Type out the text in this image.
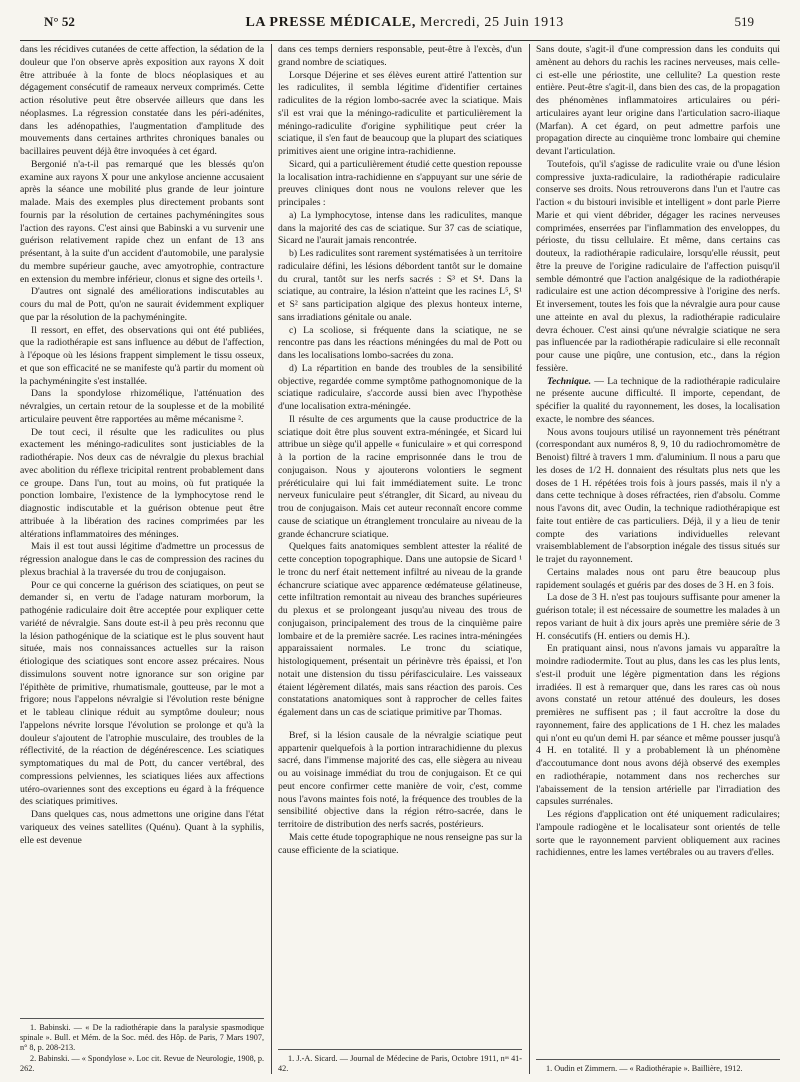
N° 52	LA PRESSE MÉDICALE, Mercredi, 25 Juin 1913	519

dans les récidives cutanées de cette affection, la sédation de la douleur que l'on observe après exposition aux rayons X doit être attribuée à la fonte de blocs néoplasiques et au dégagement consécutif de rameaux nerveux comprimés. Cette action résolutive peut être observée ailleurs que dans les néoplasmes. La régression constatée dans les péri-adénites, dans les adénopathies, l'augmentation d'amplitude des mouvements dans certaines arthrites chroniques banales ou bacillaires peuvent déjà être invoquées à cet égard.

Bergonié n'a-t-il pas remarqué que les blessés qu'on examine aux rayons X pour une ankylose ancienne accusaient après la séance une mobilité plus grande de leur jointure malade. Mais des exemples plus directement probants sont fournis par la résolution de certaines pachyméningites sous l'action des rayons. C'est ainsi que Babinski a vu survenir une guérison relativement rapide chez un enfant de 13 ans présentant, à la suite d'un accident d'automobile, une paralysie du membre supérieur gauche, avec amyotrophie, contracture en extension du membre inférieur, clonus et signe des orteils ¹.

D'autres ont signalé des améliorations indiscutables au cours du mal de Pott, qu'on ne saurait évidemment expliquer que par la résolution de la pachyméningite.

Il ressort, en effet, des observations qui ont été publiées, que la radiothérapie est sans influence au début de l'affection, à l'époque où les lésions frappent simplement le tissu osseux, et que son efficacité ne se manifeste qu'à partir du moment où la pachyméningite s'est installée.

Dans la spondylose rhizomélique, l'atténuation des névralgies, un certain retour de la souplesse et de la mobilité articulaire peuvent être rapportées au même mécanisme ².

De tout ceci, il résulte que les radiculites ou plus exactement les méningo-radiculites sont justiciables de la radiothérapie. Nos deux cas de névralgie du plexus brachial avec abolition du réflexe tricipital rentrent probablement dans ce groupe. Dans l'un, tout au moins, où fut pratiquée la ponction lombaire, l'existence de la lymphocytose rend le diagnostic indiscutable et la guérison obtenue peut être attribuée à la libération des racines comprimées par les altérations inflammatoires des méninges.

Mais il est tout aussi légitime d'admettre un processus de régression analogue dans le cas de compression des racines du plexus brachial à la traversée du trou de conjugaison.

Pour ce qui concerne la guérison des sciatiques, on peut se demander si, en vertu de l'adage naturam morborum, la pathogénie radiculaire doit être acceptée pour expliquer cette variété de névralgie. Sans doute est-il à peu près reconnu que la lésion pathogénique de la sciatique est le plus souvent haut située, mais nos connaissances actuelles sur la raison étiologique des sciatiques sont encore assez précaires. Nous dissimulons souvent notre ignorance sur son origine par l'épithète de primitive, rhumatismale, goutteuse, par le mot a frigore; nous l'appelons névralgie si l'évolution reste bénigne et le tableau clinique réduit au symptôme douleur; nous l'appelons névrite lorsque l'évolution se prolonge et qu'à la douleur s'ajoutent de l'atrophie musculaire, des troubles de la réflectivité, de la réaction de dégénérescence. Les sciatiques symptomatiques du mal de Pott, du cancer vertébral, des compressions pelviennes, les sciatiques liées aux affections utéro-ovariennes sont des exceptions eu égard à la fréquence des sciatiques primitives.

Dans quelques cas, nous admettons une origine dans l'état variqueux des veines satellites (Quénu). Quant à la syphilis, elle est devenue

1. Babinski. — « De la radiothérapie dans la paralysie spasmodique spinale ». Bull. et Mém. de la Soc. méd. des Hôp. de Paris, 7 Mars 1907, n° 8, p. 208-213.

2. Babinski. — « Spondylose ». Loc cit. Revue de Neurologie, 1908, p. 262.

dans ces temps derniers responsable, peut-être à l'excès, d'un grand nombre de sciatiques.

Lorsque Déjerine et ses élèves eurent attiré l'attention sur les radiculites, il sembla légitime d'identifier certaines radiculites de la région lombo-sacrée avec la sciatique. Mais s'il est vrai que la méningo-radiculite et particulièrement la méningo-radiculite d'origine syphilitique peut créer la sciatique, il s'en faut de beaucoup que la plupart des sciatiques primitives aient une origine intra-rachidienne.

Sicard, qui a particulièrement étudié cette question repousse la localisation intra-rachidienne en s'appuyant sur une série de preuves cliniques dont nous ne voulons relever que les principales :

a) La lymphocytose, intense dans les radiculites, manque dans la majorité des cas de sciatique. Sur 37 cas de sciatique, Sicard ne l'aurait jamais rencontrée.

b) Les radiculites sont rarement systématisées à un territoire radiculaire défini, les lésions débordent tantôt sur le domaine du crural, tantôt sur les nerfs sacrés : S³ et S⁴. Dans la sciatique, au contraire, la lésion n'atteint que les racines L⁵, S¹ et S² sans participation algique des plexus honteux interne, sans irradiations génitale ou anale.

c) La scoliose, si fréquente dans la sciatique, ne se rencontre pas dans les réactions méningées du mal de Pott ou dans les localisations lombo-sacrées du zona.

d) La répartition en bande des troubles de la sensibilité objective, regardée comme symptôme pathognomonique de la sciatique radiculaire, s'accorde aussi bien avec l'hypothèse d'une localisation extra-méningée.

Il résulte de ces arguments que la cause productrice de la sciatique doit être plus souvent extra-méningée, et Sicard lui attribue un siège qu'il appelle « funiculaire » et qui correspond à la portion de la racine emprisonnée dans le trou de conjugaison. Nous y ajouterons volontiers le segment préréticulaire qui lui fait immédiatement suite. Le tronc nerveux funiculaire peut s'étrangler, dit Sicard, au niveau du trou de conjugaison. Mais cet auteur reconnaît encore comme cause de sciatique un étranglement tronculaire au niveau de la grande échancrure sciatique.

Quelques faits anatomiques semblent attester la réalité de cette conception topographique. Dans une autopsie de Sicard ¹ le tronc du nerf était nettement infiltré au niveau de la grande échancrure sciatique avec apparence œdémateuse gélatineuse, cette infiltration remontait au niveau des branches supérieures du plexus et se prolongeant jusqu'au niveau des trous de conjugaison, principalement des trous de la cinquième paire lombaire et de la première sacrée. Les racines intra-méningées apparaissaient normales. Le tronc du sciatique, histologiquement, présentait un périnèvre très épaissi, et l'on notait une distension du tissu périfasciculaire. Les vaisseaux étaient légèrement dilatés, mais sans réaction des parois. Ces constatations anatomiques sont à rapprocher de celles faites également dans un cas de sciatique primitive par Thomas.

Bref, si la lésion causale de la névralgie sciatique peut appartenir quelquefois à la portion intrarachidienne du plexus sacré, dans l'immense majorité des cas, elle siègera au niveau ou au voisinage immédiat du trou de conjugaison. Et ce qui peut encore confirmer cette manière de voir, c'est, comme nous l'avons maintes fois noté, la fréquence des troubles de la sensibilité objective dans la région rétro-sacrée, dans le territoire de distribution des nerfs sacrés, postérieurs.

Mais cette étude topographique ne nous renseigne pas sur la cause efficiente de la sciatique.

1. J.-A. Sicard. — Journal de Médecine de Paris, Octobre 1911, nᵒˢ 41-42.

Sans doute, s'agit-il d'une compression dans les conduits qui amènent au dehors du rachis les racines nerveuses, mais celle-ci est-elle une périostite, une cellulite? La question reste entière. Peut-être s'agit-il, dans bien des cas, de la propagation des phénomènes inflammatoires articulaires ou péri-articulaires ayant leur origine dans l'articulation sacro-iliaque (Marfan). A cet égard, on peut admettre parfois une propagation directe au cinquième tronc lombaire qui chemine devant l'articulation.

Toutefois, qu'il s'agisse de radiculite vraie ou d'une lésion compressive juxta-radiculaire, la radiothérapie radiculaire conserve ses droits. Nous retrouverons dans l'un et l'autre cas l'action « du bistouri invisible et intelligent » dont parle Pierre Marie et qui vient débrider, dégager les racines nerveuses comprimées, enserrées par l'inflammation des enveloppes, du périoste, du tissu cellulaire. Et même, dans certains cas douteux, la radiothérapie radiculaire, lorsqu'elle réussit, peut être la preuve de l'origine radiculaire de l'affection puisqu'il semble démontré que l'action analgésique de la radiothérapie radiculaire est une action décompressive à l'origine des nerfs. Et inversement, toutes les fois que la névralgie aura pour cause une atteinte en aval du plexus, la radiothérapie radiculaire devra échouer. C'est ainsi qu'une névralgie sciatique ne sera pas influencée par la radiothérapie radiculaire si elle reconnaît pour cause une piqûre, une contusion, etc., dans la région fessière.

Technique. — La technique de la radiothérapie radiculaire ne présente aucune difficulté. Il importe, cependant, de spécifier la qualité du rayonnement, les doses, la localisation exacte, le nombre des séances.

Nous avons toujours utilisé un rayonnement très pénétrant (correspondant aux numéros 8, 9, 10 du radiochromomètre de Benoist) filtré à travers 1 mm. d'aluminium. Il nous a paru que les doses de 1/2 H. donnaient des résultats plus nets que les doses de 1 H. répétées trois fois à jours passés, mais il n'y a dans cette technique à doses réfractées, rien d'absolu. Comme nous l'avons dit, avec Oudin, la technique radiothérapique est faite tout entière de cas particuliers. Déjà, il y a lieu de tenir compte des variations individuelles relevant vraisemblablement de l'absorption inégale des tissus situés sur le trajet du rayonnement.

Certains malades nous ont paru être beaucoup plus rapidement soulagés et guéris par des doses de 3 H. en 3 fois.

La dose de 3 H. n'est pas toujours suffisante pour amener la guérison totale; il est nécessaire de soumettre les malades à un repos variant de huit à dix jours après une première série de 3 H. consécutifs (H. entiers ou demis H.).

En pratiquant ainsi, nous n'avons jamais vu apparaître la moindre radiodermite. Tout au plus, dans les cas les plus lents, s'est-il produit une légère pigmentation dans les régions irradiées. Il est à remarquer que, dans les rares cas où nous avons constaté un retour atténué des douleurs, les doses premières ne suffisent pas ; il faut accroître la dose du rayonnement, faire des applications de 1 H. chez les malades qui n'ont eu qu'un demi H. par séance et même pousser jusqu'à 4 H. en totalité. Il y a probablement là un phénomène d'accoutumance dont nous avons déjà observé des exemples en radiothérapie, notamment dans nos recherches sur l'abaissement de la tension artérielle par l'irradiation des capsules surrénales.

Les régions d'application ont été uniquement radiculaires; l'ampoule radiogène et le localisateur sont orientés de telle sorte que le rayonnement parvient obliquement aux racines rachidiennes, entre les lames vertébrales ou au travers d'elles.

1. Oudin et Zimmern. — « Radiothérapie ». Baillière, 1912.
